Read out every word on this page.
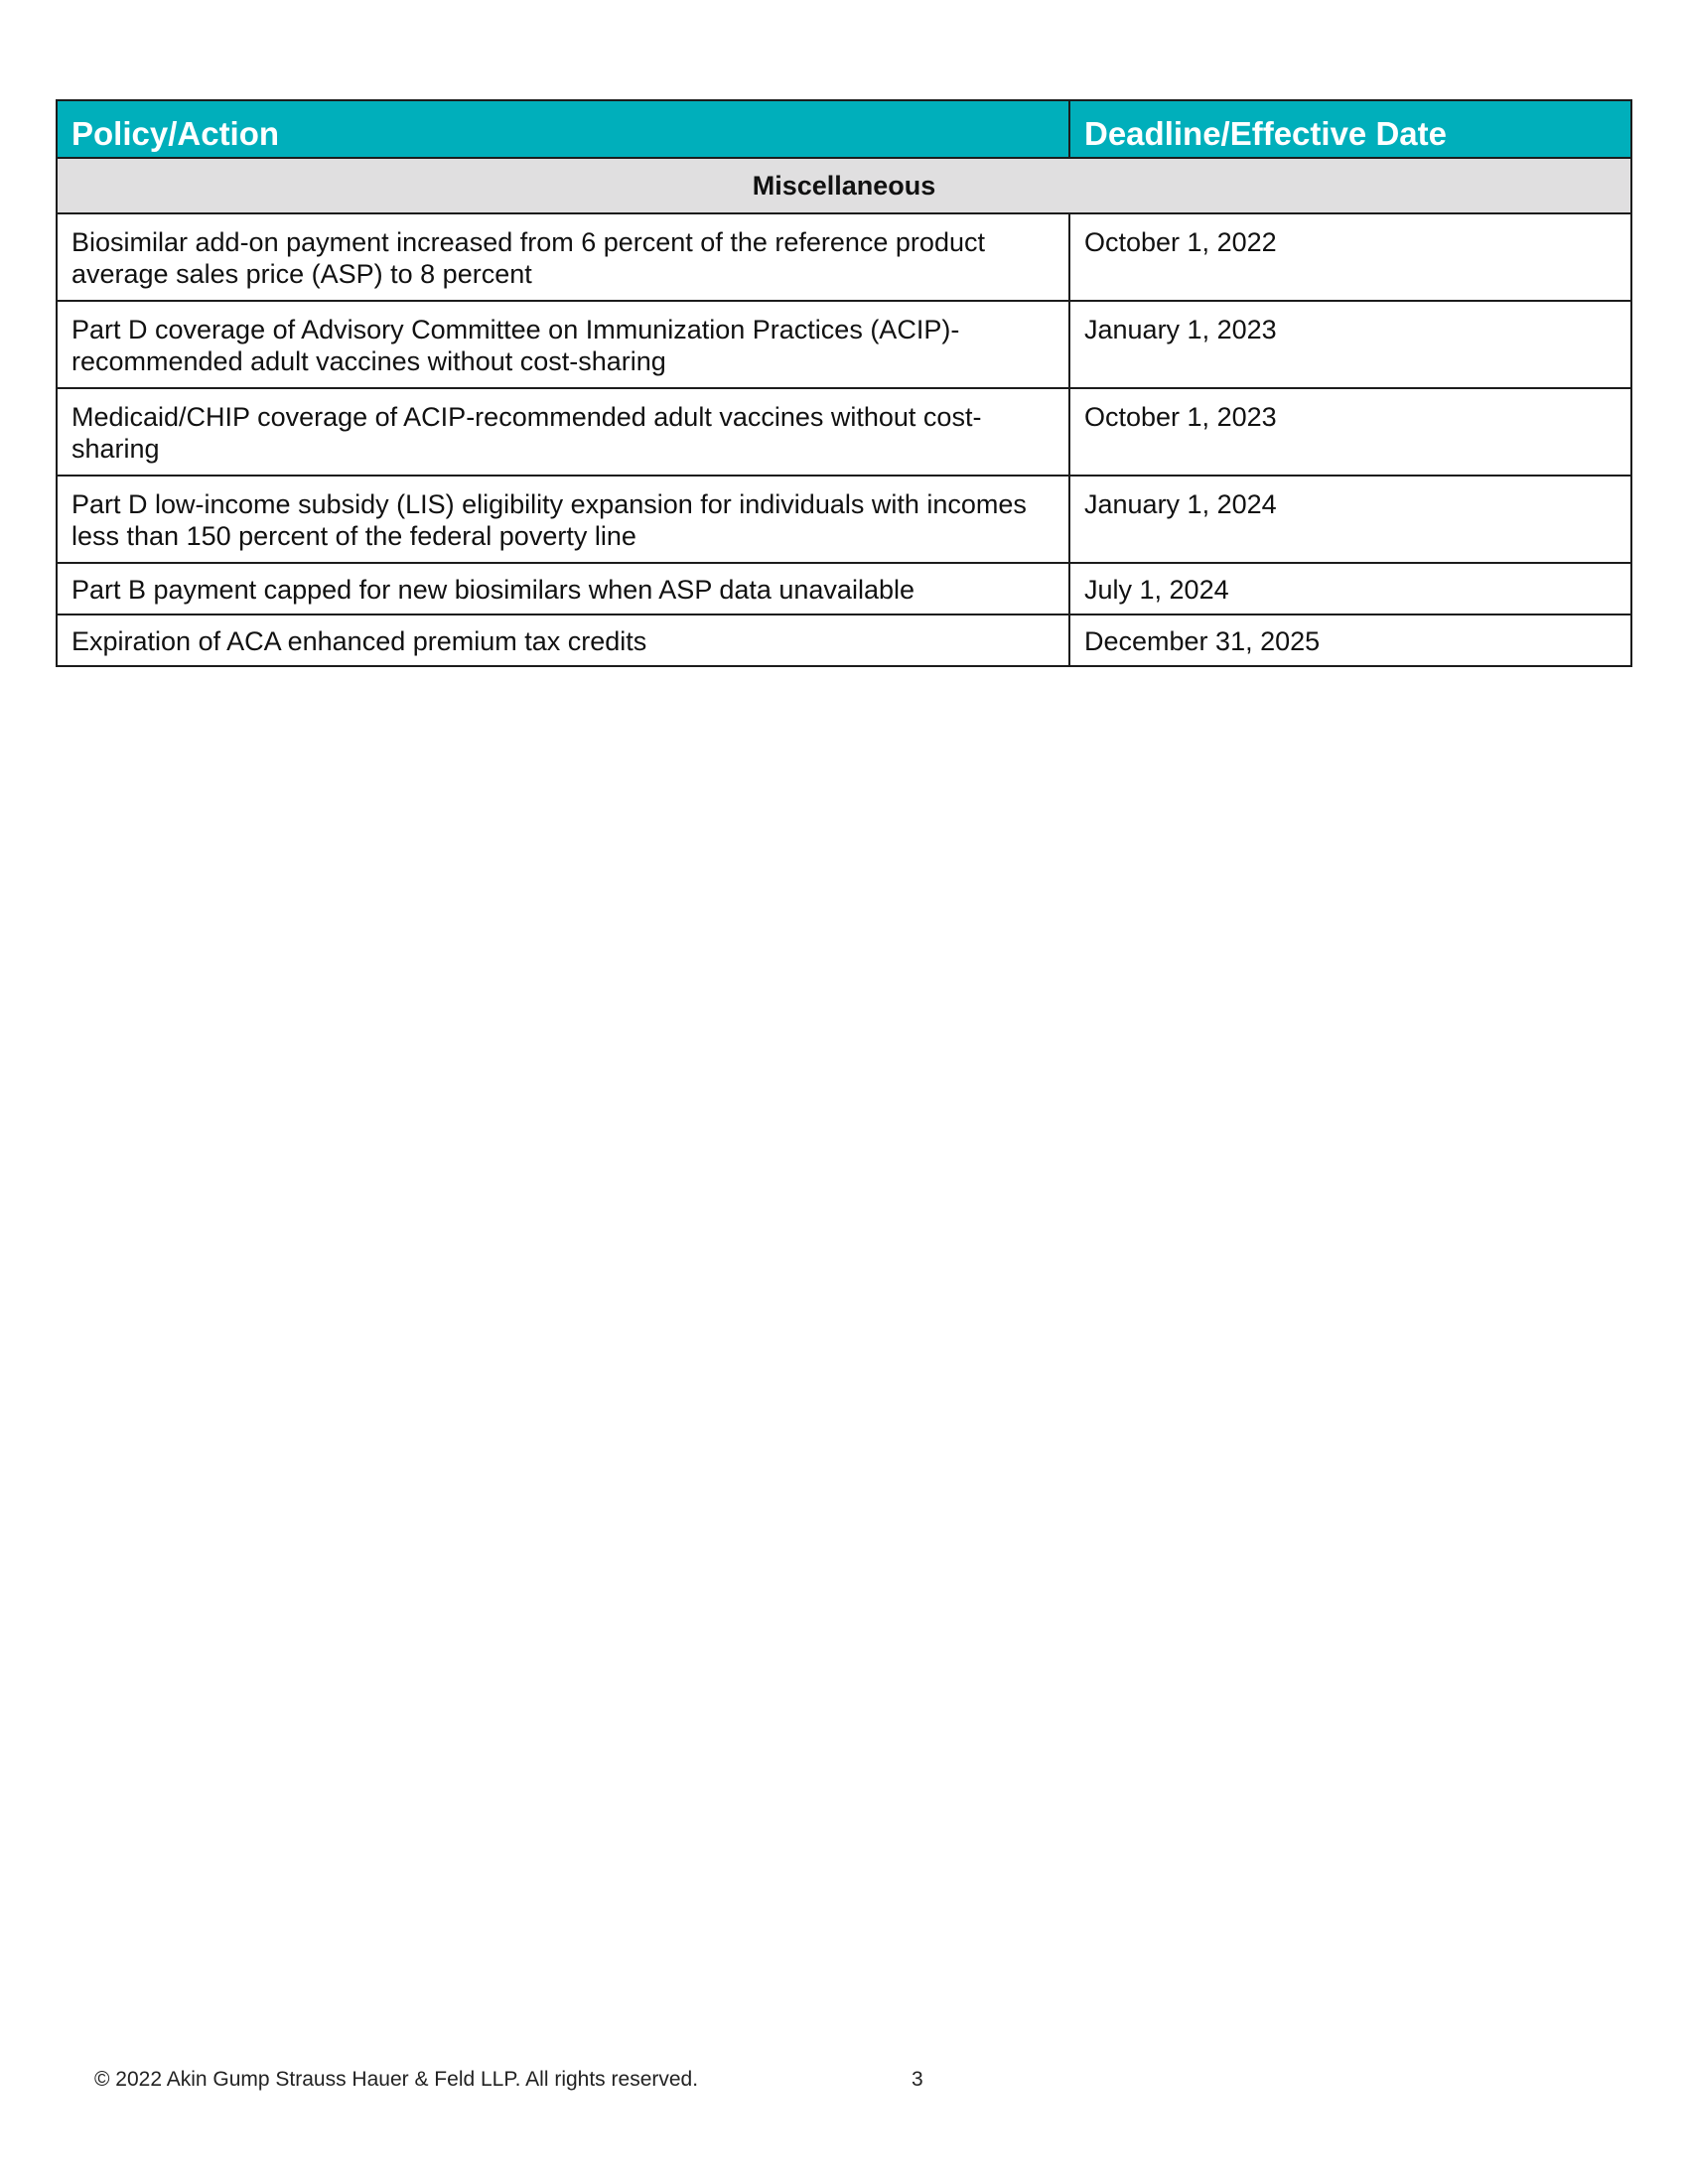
Policy/Action	Deadline/Effective Date
Miscellaneous	
Biosimilar add-on payment increased from 6 percent of the reference product average sales price (ASP) to 8 percent	October 1, 2022
Part D coverage of Advisory Committee on Immunization Practices (ACIP)-recommended adult vaccines without cost-sharing	January 1, 2023
Medicaid/CHIP coverage of ACIP-recommended adult vaccines without cost-sharing	October 1, 2023
Part D low-income subsidy (LIS) eligibility expansion for individuals with incomes less than 150 percent of the federal poverty line	January 1, 2024
Part B payment capped for new biosimilars when ASP data unavailable	July 1, 2024
Expiration of ACA enhanced premium tax credits	December 31, 2025
© 2022 Akin Gump Strauss Hauer & Feld LLP. All rights reserved.	3
